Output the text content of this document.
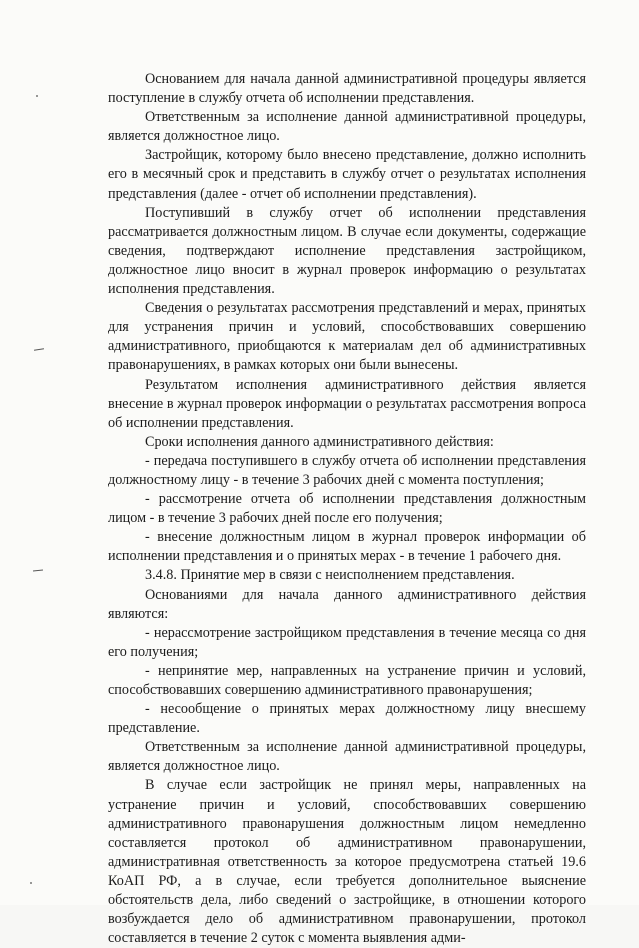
Основанием для начала данной административной процедуры является поступление в службу отчета об исполнении представления.

Ответственным за исполнение данной административной процедуры, является должностное лицо.

Застройщик, которому было внесено представление, должно исполнить его в месячный срок и представить в службу отчет о результатах исполнения представления (далее - отчет об исполнении представления).

Поступивший в службу отчет об исполнении представления рассматривается должностным лицом. В случае если документы, содержащие сведения, подтверждают исполнение представления застройщиком, должностное лицо вносит в журнал проверок информацию о результатах исполнения представления.

Сведения о результатах рассмотрения представлений и мерах, принятых для устранения причин и условий, способствовавших совершению административного, приобщаются к материалам дел об административных правонарушениях, в рамках которых они были вынесены.

Результатом исполнения административного действия является внесение в журнал проверок информации о результатах рассмотрения вопроса об исполнении представления.

Сроки исполнения данного административного действия:

- передача поступившего в службу отчета об исполнении представления должностному лицу - в течение 3 рабочих дней с момента поступления;

- рассмотрение отчета об исполнении представления должностным лицом - в течение 3 рабочих дней после его получения;

- внесение должностным лицом в журнал проверок информации об исполнении представления и о принятых мерах - в течение 1 рабочего дня.

3.4.8. Принятие мер в связи с неисполнением представления.

Основаниями для начала данного административного действия являются:

- нерассмотрение застройщиком представления в течение месяца со дня его получения;

- непринятие мер, направленных на устранение причин и условий, способствовавших совершению административного правонарушения;

- несообщение о принятых мерах должностному лицу внесшему представление.

Ответственным за исполнение данной административной процедуры, является должностное лицо.

В случае если застройщик не принял меры, направленных на устранение причин и условий, способствовавших совершению административного правонарушения должностным лицом немедленно составляется протокол об административном правонарушении, административная ответственность за которое предусмотрена статьей 19.6 КоАП РФ, а в случае, если требуется дополнительное выяснение обстоятельств дела, либо сведений о застройщике, в отношении которого возбуждается дело об административном правонарушении, протокол составляется в течение 2 суток с момента выявления адми-
